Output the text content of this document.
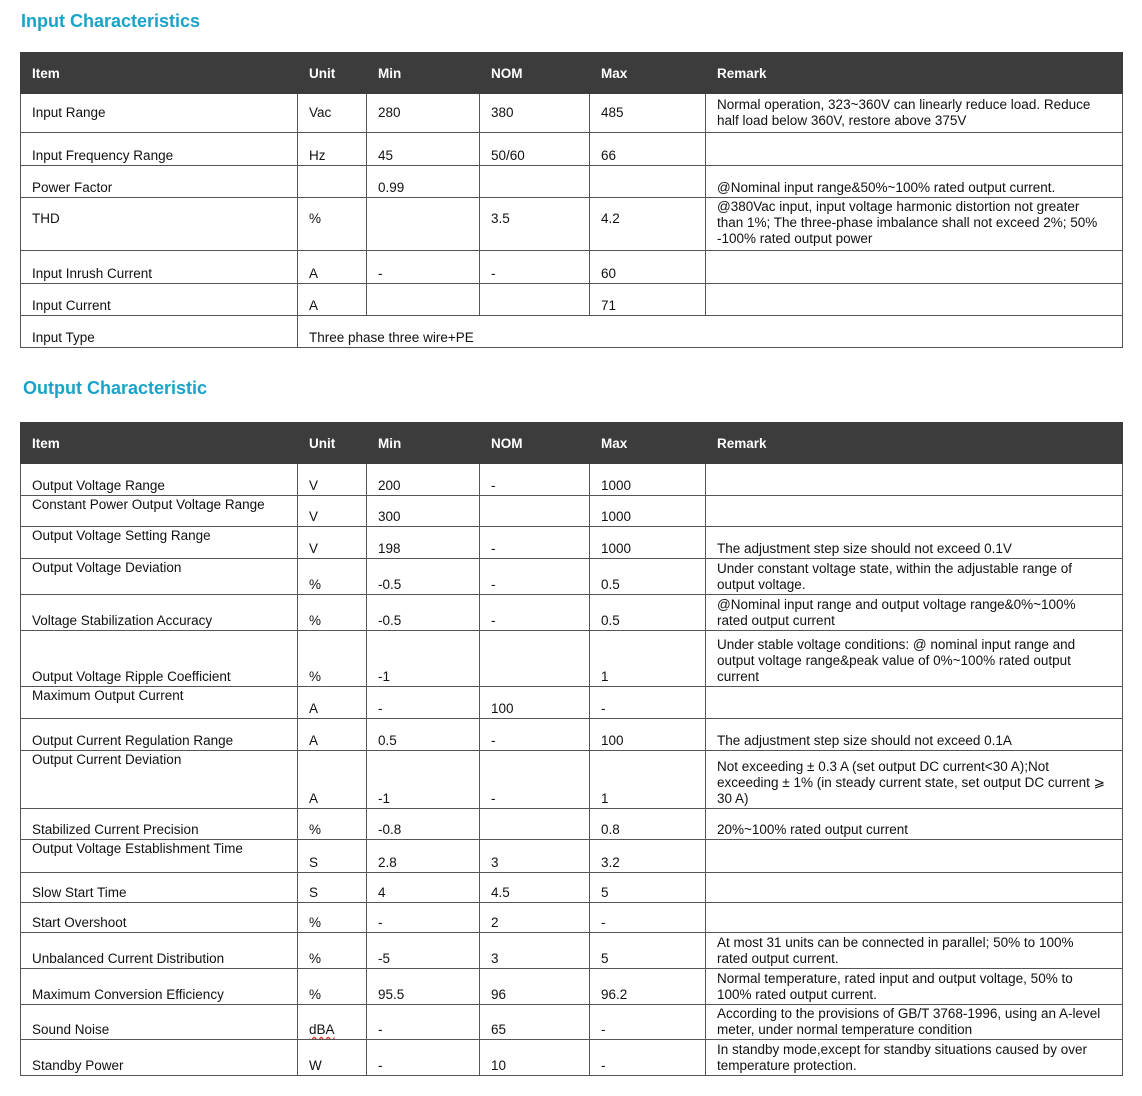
Input Characteristics
Item	Unit	Min	NOM	Max	Remark
Input Range	Vac	280	380	485	Normal operation, 323~360V can linearly reduce load. Reduce half load below 360V, restore above 375V
Input Frequency Range	Hz	45	50/60	66	
Power Factor		0.99			@Nominal input range&50%~100% rated output current.
THD	%		3.5	4.2	@380Vac input, input voltage harmonic distortion not greater than 1%; The three-phase imbalance shall not exceed 2%; 50% -100% rated output power
Input Inrush Current	A	-	-	60	
Input Current	A			71	
Input Type	Three phase three wire+PE				
Output Characteristic
Item	Unit	Min	NOM	Max	Remark
Output Voltage Range	V	200	-	1000	
Constant Power Output Voltage Range	V	300		1000	
Output Voltage Setting Range	V	198	-	1000	The adjustment step size should not exceed 0.1V
Output Voltage Deviation	%	-0.5	-	0.5	Under constant voltage state, within the adjustable range of output voltage.
Voltage Stabilization Accuracy	%	-0.5	-	0.5	@Nominal input range and output voltage range&0%~100% rated output current
Output Voltage Ripple Coefficient	%	-1		1	Under stable voltage conditions: @ nominal input range and output voltage range&peak value of 0%~100% rated output current
Maximum Output Current	A	-	100	-	
Output Current Regulation Range	A	0.5	-	100	The adjustment step size should not exceed 0.1A
Output Current Deviation	A	-1	-	1	Not exceeding ± 0.3 A (set output DC current<30 A);Not exceeding ± 1% (in steady current state, set output DC current ⩾ 30 A)
Stabilized Current Precision	%	-0.8		0.8	20%~100% rated output current
Output Voltage Establishment Time	S	2.8	3	3.2	
Slow Start Time	S	4	4.5	5	
Start Overshoot	%	-	2	-	
Unbalanced Current Distribution	%	-5	3	5	At most 31 units can be connected in parallel; 50% to 100% rated output current.
Maximum Conversion Efficiency	%	95.5	96	96.2	Normal temperature, rated input and output voltage, 50% to 100% rated output current.
Sound Noise	dBA	-	65	-	According to the provisions of GB/T 3768-1996, using an A-level meter, under normal temperature condition
Standby Power	W	-	10	-	In standby mode,except for standby situations caused by over temperature protection.
